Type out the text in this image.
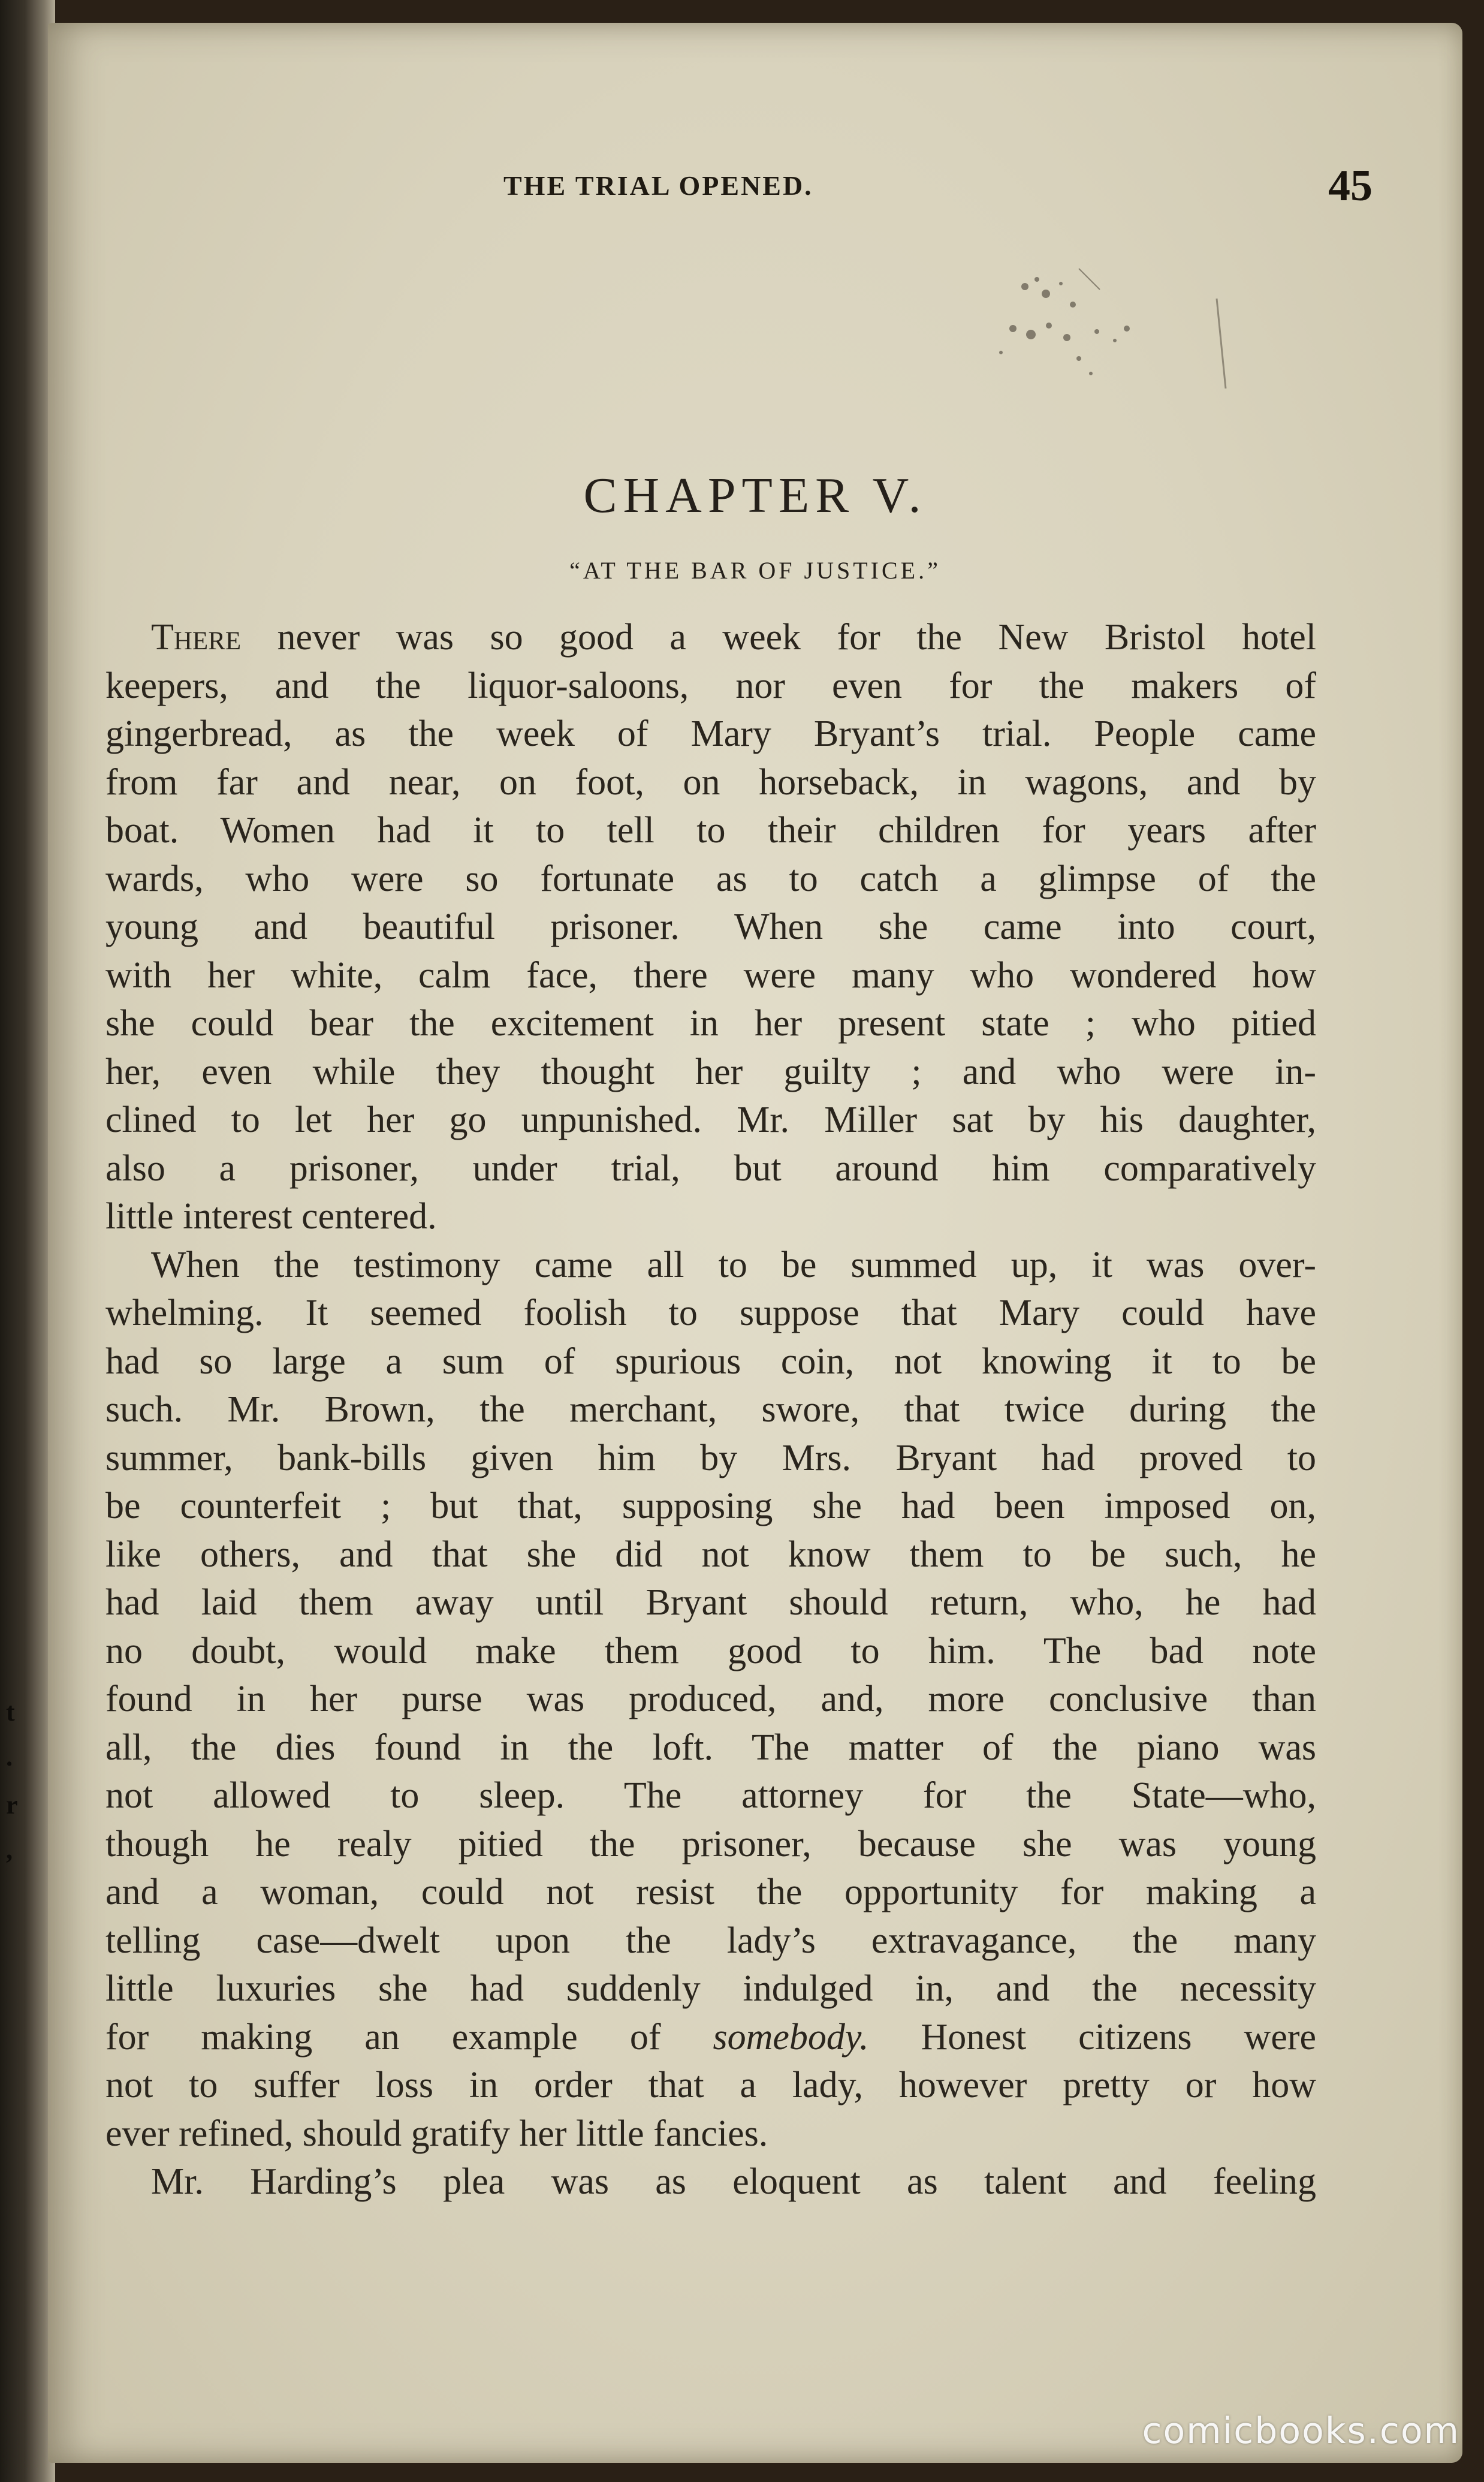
t
.
r
,
THE TRIAL OPENED.	45
CHAPTER V.
“AT THE BAR OF JUSTICE.”
There never was so good a week for the New Bristol hotel
keepers, and the liquor-saloons, nor even for the makers of
gingerbread, as the week of Mary Bryant’s trial. People came
from far and near, on foot, on horseback, in wagons, and by
boat. Women had it to tell to their children for years after
wards, who were so fortunate as to catch a glimpse of the
young and beautiful prisoner. When she came into court,
with her white, calm face, there were many who wondered how
she could bear the excitement in her present state ; who pitied
her, even while they thought her guilty ; and who were in-
clined to let her go unpunished. Mr. Miller sat by his daughter,
also a prisoner, under trial, but around him comparatively
little interest centered.
When the testimony came all to be summed up, it was over-
whelming. It seemed foolish to suppose that Mary could have
had so large a sum of spurious coin, not knowing it to be
such. Mr. Brown, the merchant, swore, that twice during the
summer, bank-bills given him by Mrs. Bryant had proved to
be counterfeit ; but that, supposing she had been imposed on,
like others, and that she did not know them to be such, he
had laid them away until Bryant should return, who, he had
no doubt, would make them good to him. The bad note
found in her purse was produced, and, more conclusive than
all, the dies found in the loft. The matter of the piano was
not allowed to sleep. The attorney for the State—who,
though he realy pitied the prisoner, because she was young
and a woman, could not resist the opportunity for making a
telling case—dwelt upon the lady’s extravagance, the many
little luxuries she had suddenly indulged in, and the necessity
for making an example of somebody. Honest citizens were
not to suffer loss in order that a lady, however pretty or how
ever refined, should gratify her little fancies.
Mr. Harding’s plea was as eloquent as talent and feeling
comicbooks.com
